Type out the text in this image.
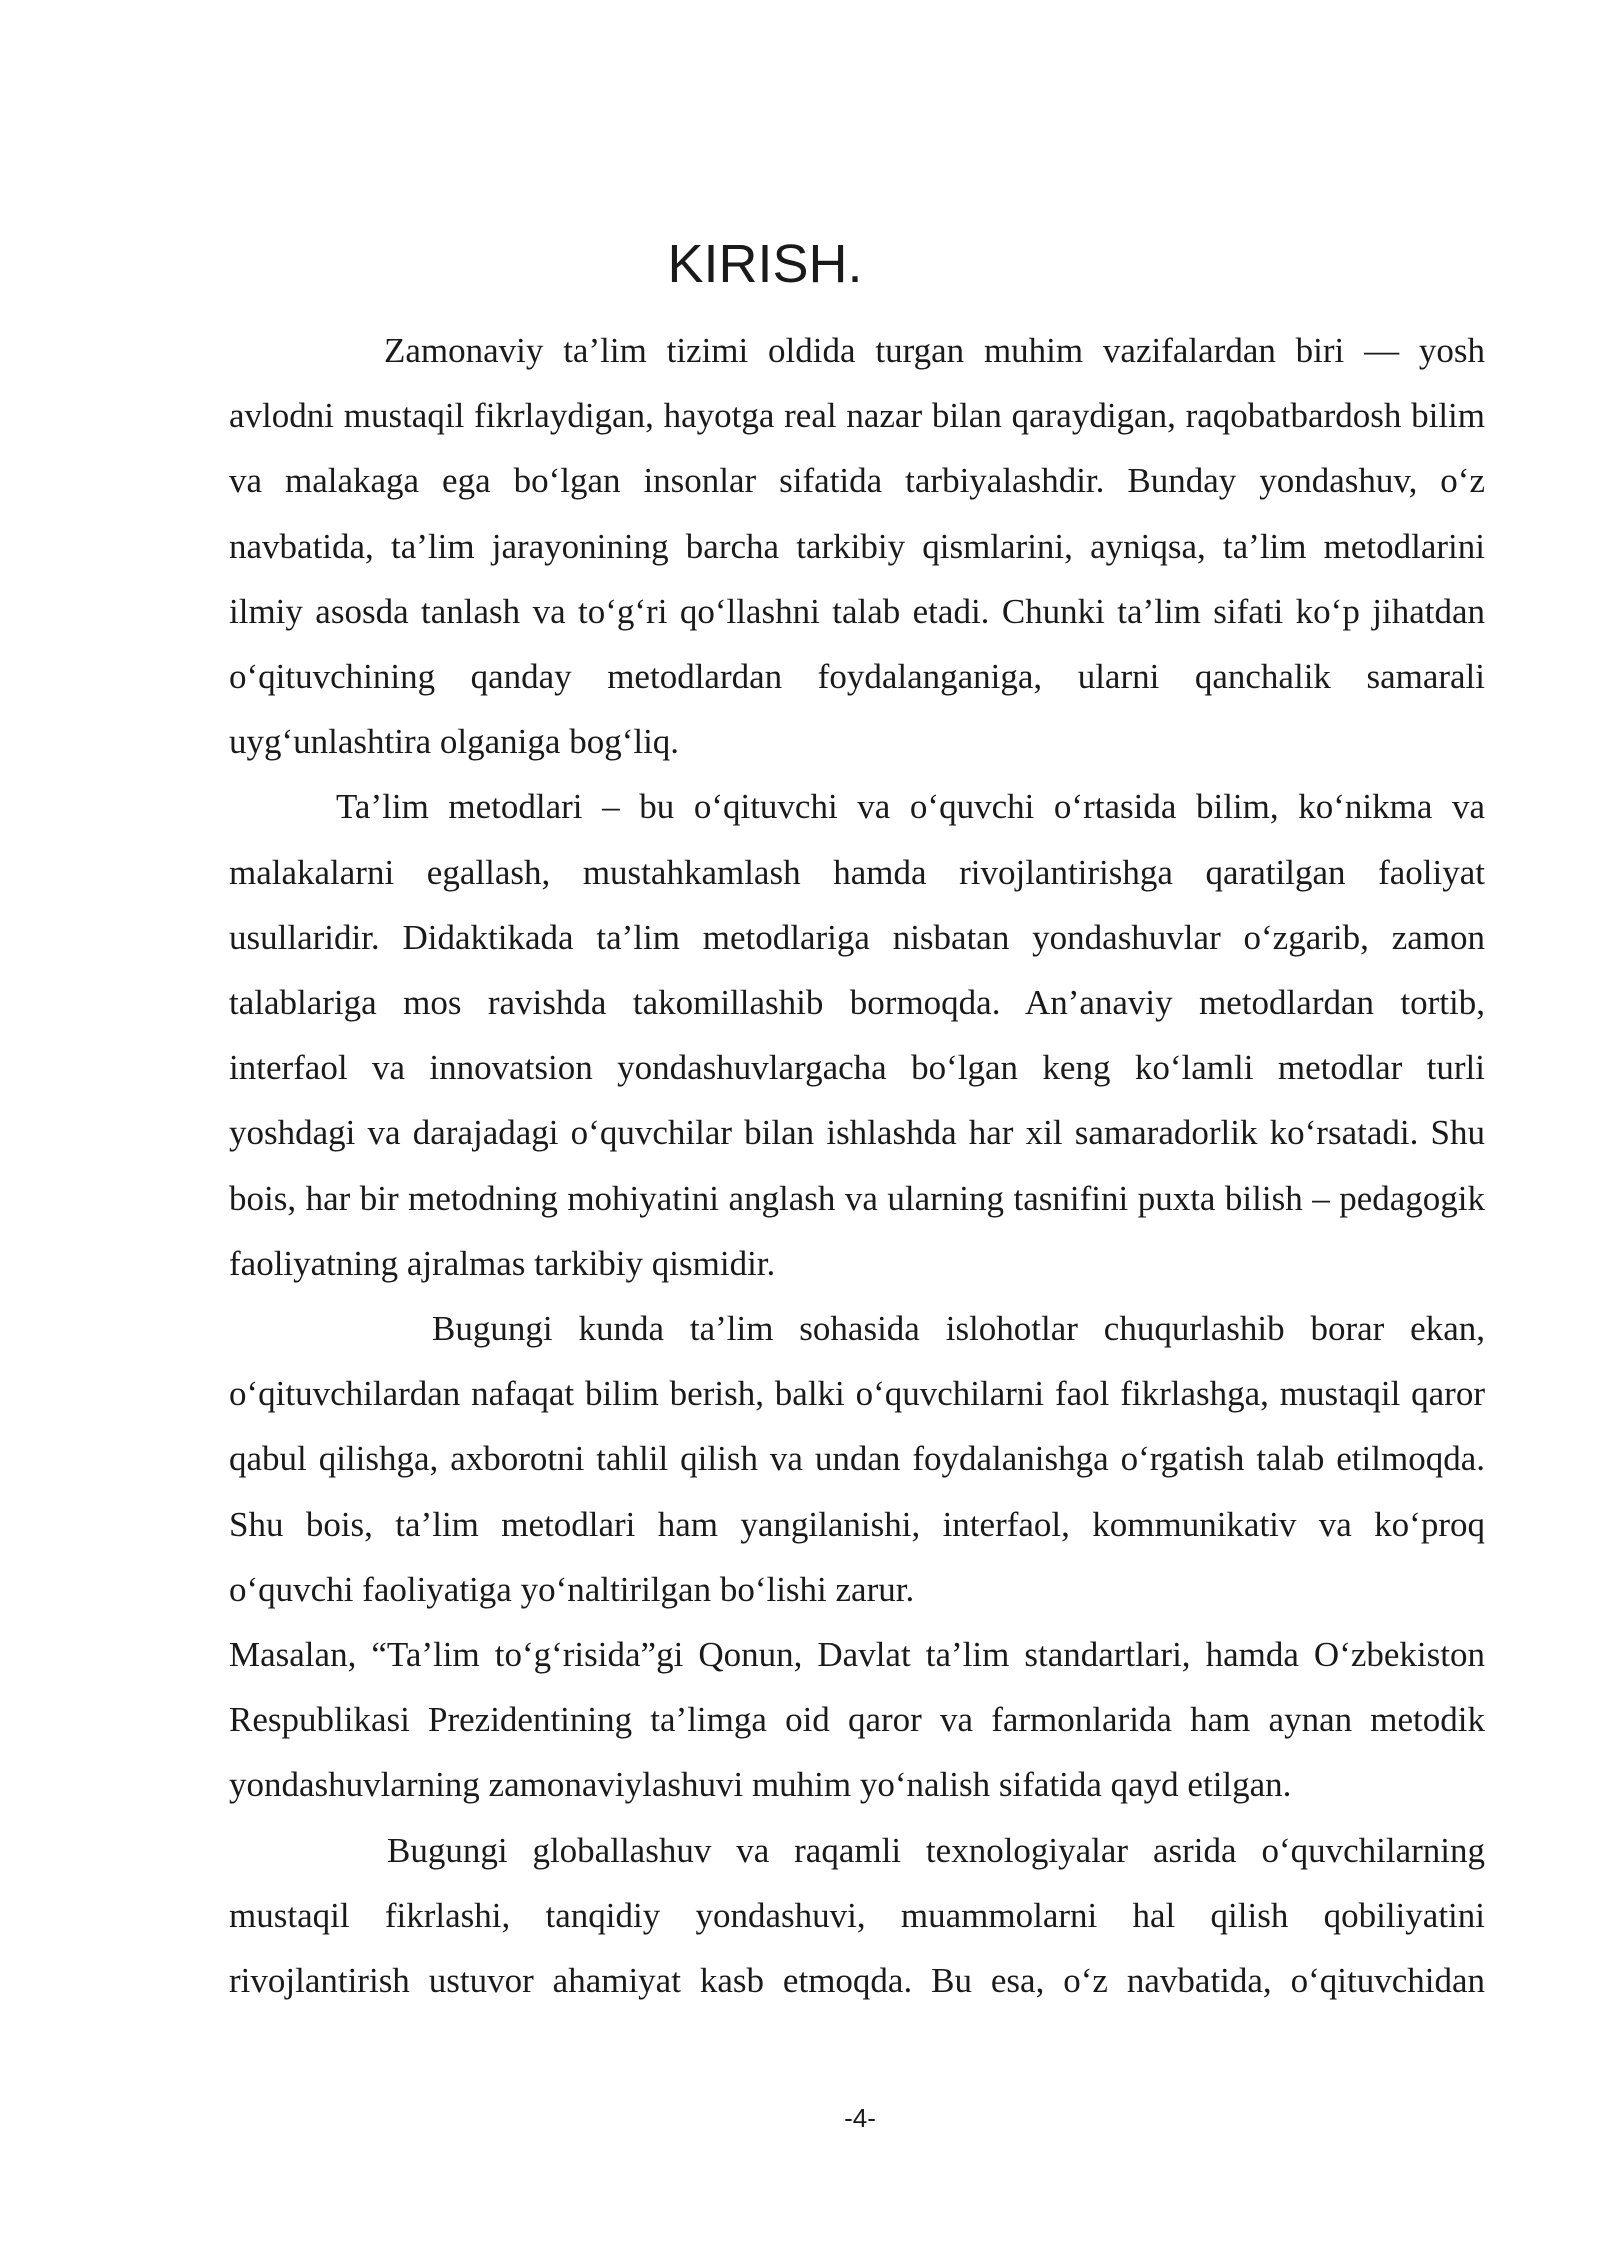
KIRISH.

Zamonaviy ta’lim tizimi oldida turgan muhim vazifalardan biri — yosh avlodni mustaqil fikrlaydigan, hayotga real nazar bilan qaraydigan, raqobatbardosh bilim va malakaga ega bo‘lgan insonlar sifatida tarbiyalashdir. Bunday yondashuv, o‘z navbatida, ta’lim jarayonining barcha tarkibiy qismlarini, ayniqsa, ta’lim metodlarini ilmiy asosda tanlash va to‘g‘ri qo‘llashni talab etadi. Chunki ta’lim sifati ko‘p jihatdan o‘qituvchining qanday metodlardan foydalanganiga, ularni qanchalik samarali uyg‘unlashtira olganiga bog‘liq.

Ta’lim metodlari – bu o‘qituvchi va o‘quvchi o‘rtasida bilim, ko‘nikma va malakalarni egallash, mustahkamlash hamda rivojlantirishga qaratilgan faoliyat usullaridir. Didaktikada ta’lim metodlariga nisbatan yondashuvlar o‘zgarib, zamon talablariga mos ravishda takomillashib bormoqda. An’anaviy metodlardan tortib, interfaol va innovatsion yondashuvlargacha bo‘lgan keng ko‘lamli metodlar turli yoshdagi va darajadagi o‘quvchilar bilan ishlashda har xil samaradorlik ko‘rsatadi. Shu bois, har bir metodning mohiyatini anglash va ularning tasnifini puxta bilish – pedagogik faoliyatning ajralmas tarkibiy qismidir.

Bugungi kunda ta’lim sohasida islohotlar chuqurlashib borar ekan, o‘qituvchilardan nafaqat bilim berish, balki o‘quvchilarni faol fikrlashga, mustaqil qaror qabul qilishga, axborotni tahlil qilish va undan foydalanishga o‘rgatish talab etilmoqda. Shu bois, ta’lim metodlari ham yangilanishi, interfaol, kommunikativ va ko‘proq o‘quvchi faoliyatiga yo‘naltirilgan bo‘lishi zarur.

Masalan, “Ta’lim to‘g‘risida”gi Qonun, Davlat ta’lim standartlari, hamda O‘zbekiston Respublikasi Prezidentining ta’limga oid qaror va farmonlarida ham aynan metodik yondashuvlarning zamonaviylashuvi muhim yo‘nalish sifatida qayd etilgan.

Bugungi globallashuv va raqamli texnologiyalar asrida o‘quvchilarning mustaqil fikrlashi, tanqidiy yondashuvi, muammolarni hal qilish qobiliyatini rivojlantirish ustuvor ahamiyat kasb etmoqda. Bu esa, o‘z navbatida, o‘qituvchidan

-4-
